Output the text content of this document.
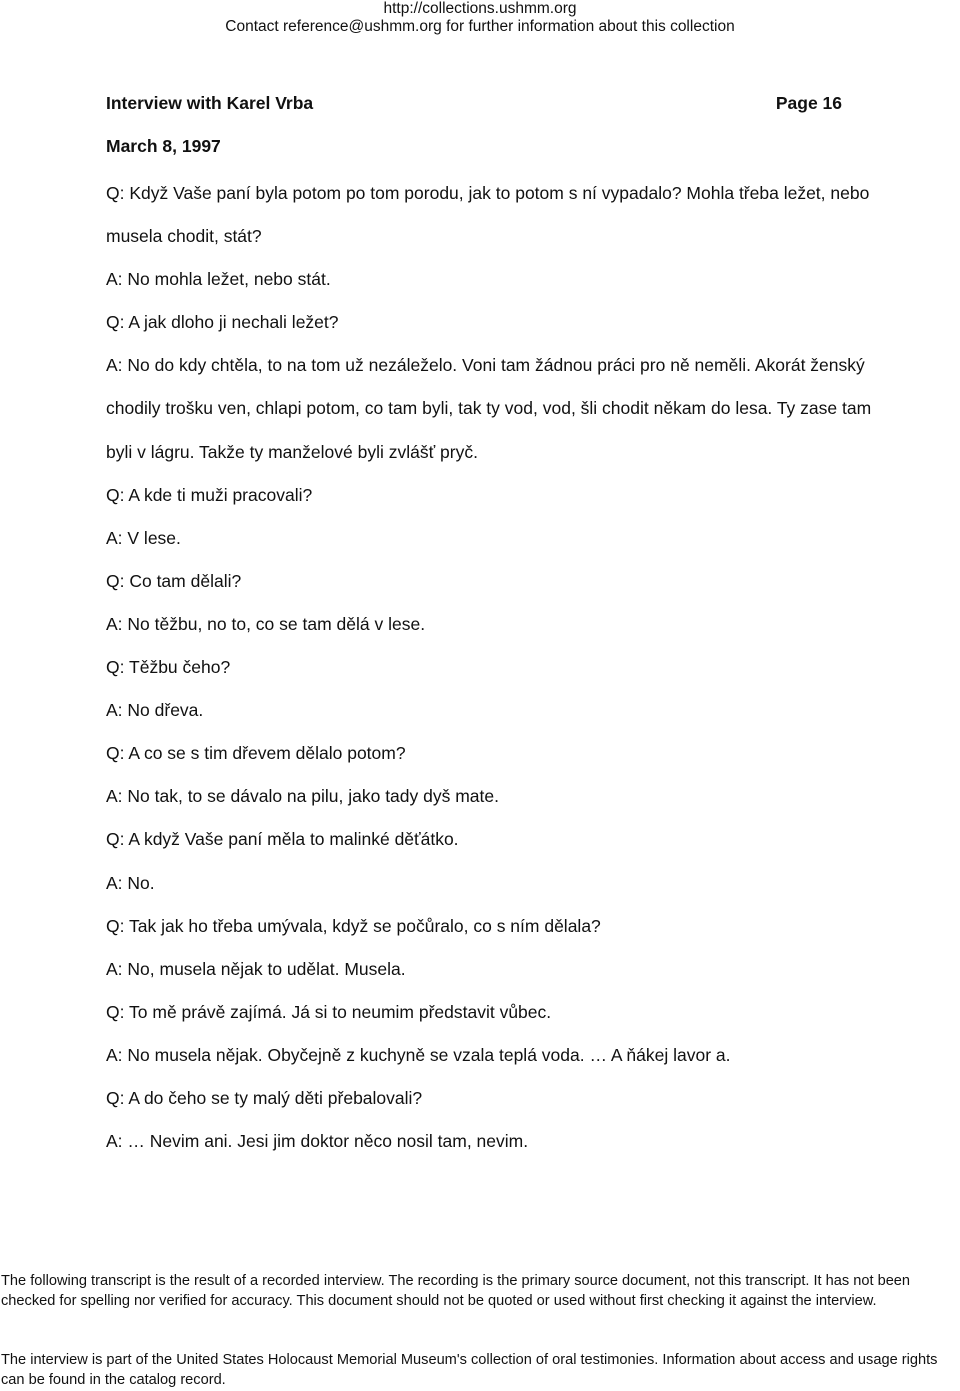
http://collections.ushmm.org
Contact reference@ushmm.org for further information about this collection
Interview with Karel Vrba	Page 16
March 8, 1997

Q: Když Vaše paní byla potom po tom porodu, jak to potom s ní vypadalo? Mohla třeba ležet, nebo musela chodit, stát?

A: No mohla ležet, nebo stát.

Q: A jak dloho ji nechali ležet?

A: No do kdy chtěla, to na tom už nezáleželo. Voni tam žádnou práci pro ně neměli. Akorát ženský chodily trošku ven, chlapi potom, co tam byli, tak ty vod, vod, šli chodit někam do lesa. Ty zase tam byli v lágru. Takže ty manželové byli zvlášť pryč.

Q: A kde ti muži pracovali?

A: V lese.

Q: Co tam dělali?

A: No těžbu, no to, co se tam dělá v lese.

Q: Těžbu čeho?

A: No dřeva.

Q: A co se s tim dřevem dělalo potom?

A: No tak, to se dávalo na pilu, jako tady dyš mate.

Q: A když Vaše paní měla to malinké děťátko.

A: No.

Q: Tak jak ho třeba umývala, když se počůralo, co s ním dělala?

A: No, musela nějak to udělat. Musela.

Q: To mě právě zajímá. Já si to neumim představit vůbec.

A: No musela nějak. Obyčejně z kuchyně se vzala teplá voda. … A ňákej lavor a.

Q: A do čeho se ty malý děti přebalovali?

A: … Nevim ani. Jesi jim doktor něco nosil tam, nevim.

The following transcript is the result of a recorded interview. The recording is the primary source document, not this transcript. It has not been checked for spelling nor verified for accuracy. This document should not be quoted or used without first checking it against the interview.
The interview is part of the United States Holocaust Memorial Museum's collection of oral testimonies. Information about access and usage rights can be found in the catalog record.
